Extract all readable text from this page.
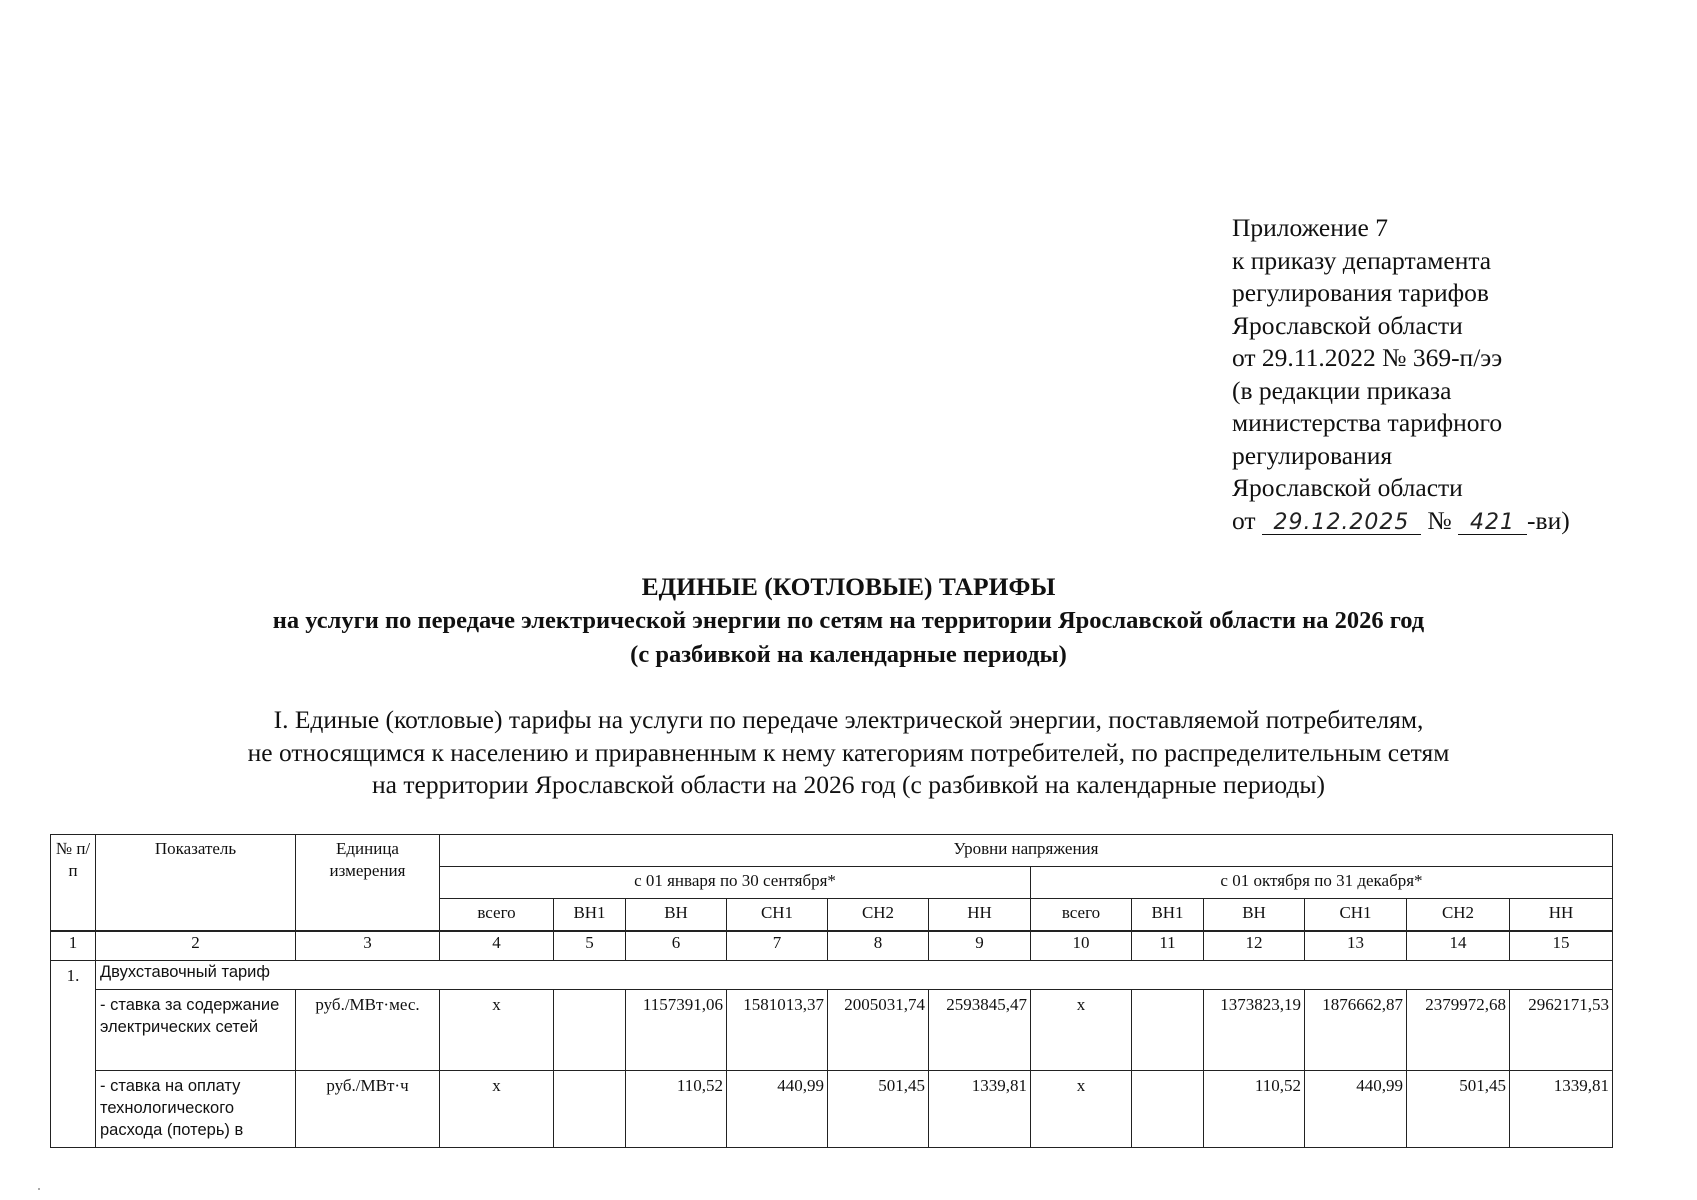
Приложение 7
к приказу департамента
регулирования тарифов
Ярославской области
от 29.11.2022 № 369-п/ээ
(в редакции приказа
министерства тарифного
регулирования
Ярославской области
от 29.12.2025 № 421 -ви)
ЕДИНЫЕ (КОТЛОВЫЕ) ТАРИФЫ
на услуги по передаче электрической энергии по сетям на территории Ярославской области на 2026 год
(с разбивкой на календарные периоды)
I. Единые (котловые) тарифы на услуги по передаче электрической энергии, поставляемой потребителям,
не относящимся к населению и приравненным к нему категориям потребителей, по распределительным сетям
на территории Ярославской области на 2026 год (с разбивкой на календарные периоды)
№ п/п	Показатель	Единица измерения	Уровни напряжения											
			с 01 января по 30 сентября*						с 01 октября по 31 декабря*					
			всего	ВН1	ВН	СН1	СН2	НН	всего	ВН1	ВН	СН1	СН2	НН
1	2	3	4	5	6	7	8	9	10	11	12	13	14	15
1.	Двухставочный тариф													
	- ставка за содержание электрических сетей	руб./МВт·мес.	х		1157391,06	1581013,37	2005031,74	2593845,47	х		1373823,19	1876662,87	2379972,68	2962171,53
	- ставка на оплату технологического расхода (потерь) в	руб./МВт·ч	х		110,52	440,99	501,45	1339,81	х		110,52	440,99	501,45	1339,81
